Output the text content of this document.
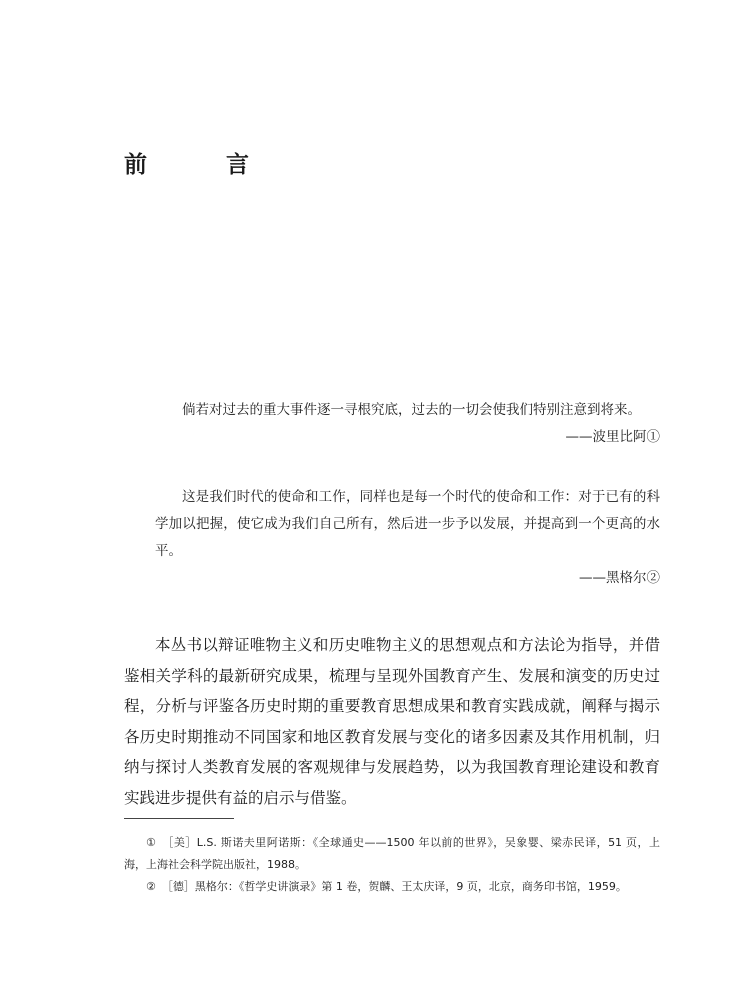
前　言

倘若对过去的重大事件逐一寻根究底，过去的一切会使我们特别注意到将来。

——波里比阿①

这是我们时代的使命和工作，同样也是每一个时代的使命和工作：对于已有的科学加以把握，使它成为我们自己所有，然后进一步予以发展，并提高到一个更高的水平。

——黑格尔②

本丛书以辩证唯物主义和历史唯物主义的思想观点和方法论为指导，并借鉴相关学科的最新研究成果，梳理与呈现外国教育产生、发展和演变的历史过程，分析与评鉴各历史时期的重要教育思想成果和教育实践成就，阐释与揭示各历史时期推动不同国家和地区教育发展与变化的诸多因素及其作用机制，归纳与探讨人类教育发展的客观规律与发展趋势，以为我国教育理论建设和教育实践进步提供有益的启示与借鉴。

① ［美］L.S. 斯诺夫里阿诺斯：《全球通史——1500 年以前的世界》，吴象婴、梁赤民译，51 页，上海，上海社会科学院出版社，1988。

② ［德］黑格尔：《哲学史讲演录》第 1 卷，贺麟、王太庆译，9 页，北京，商务印书馆，1959。
